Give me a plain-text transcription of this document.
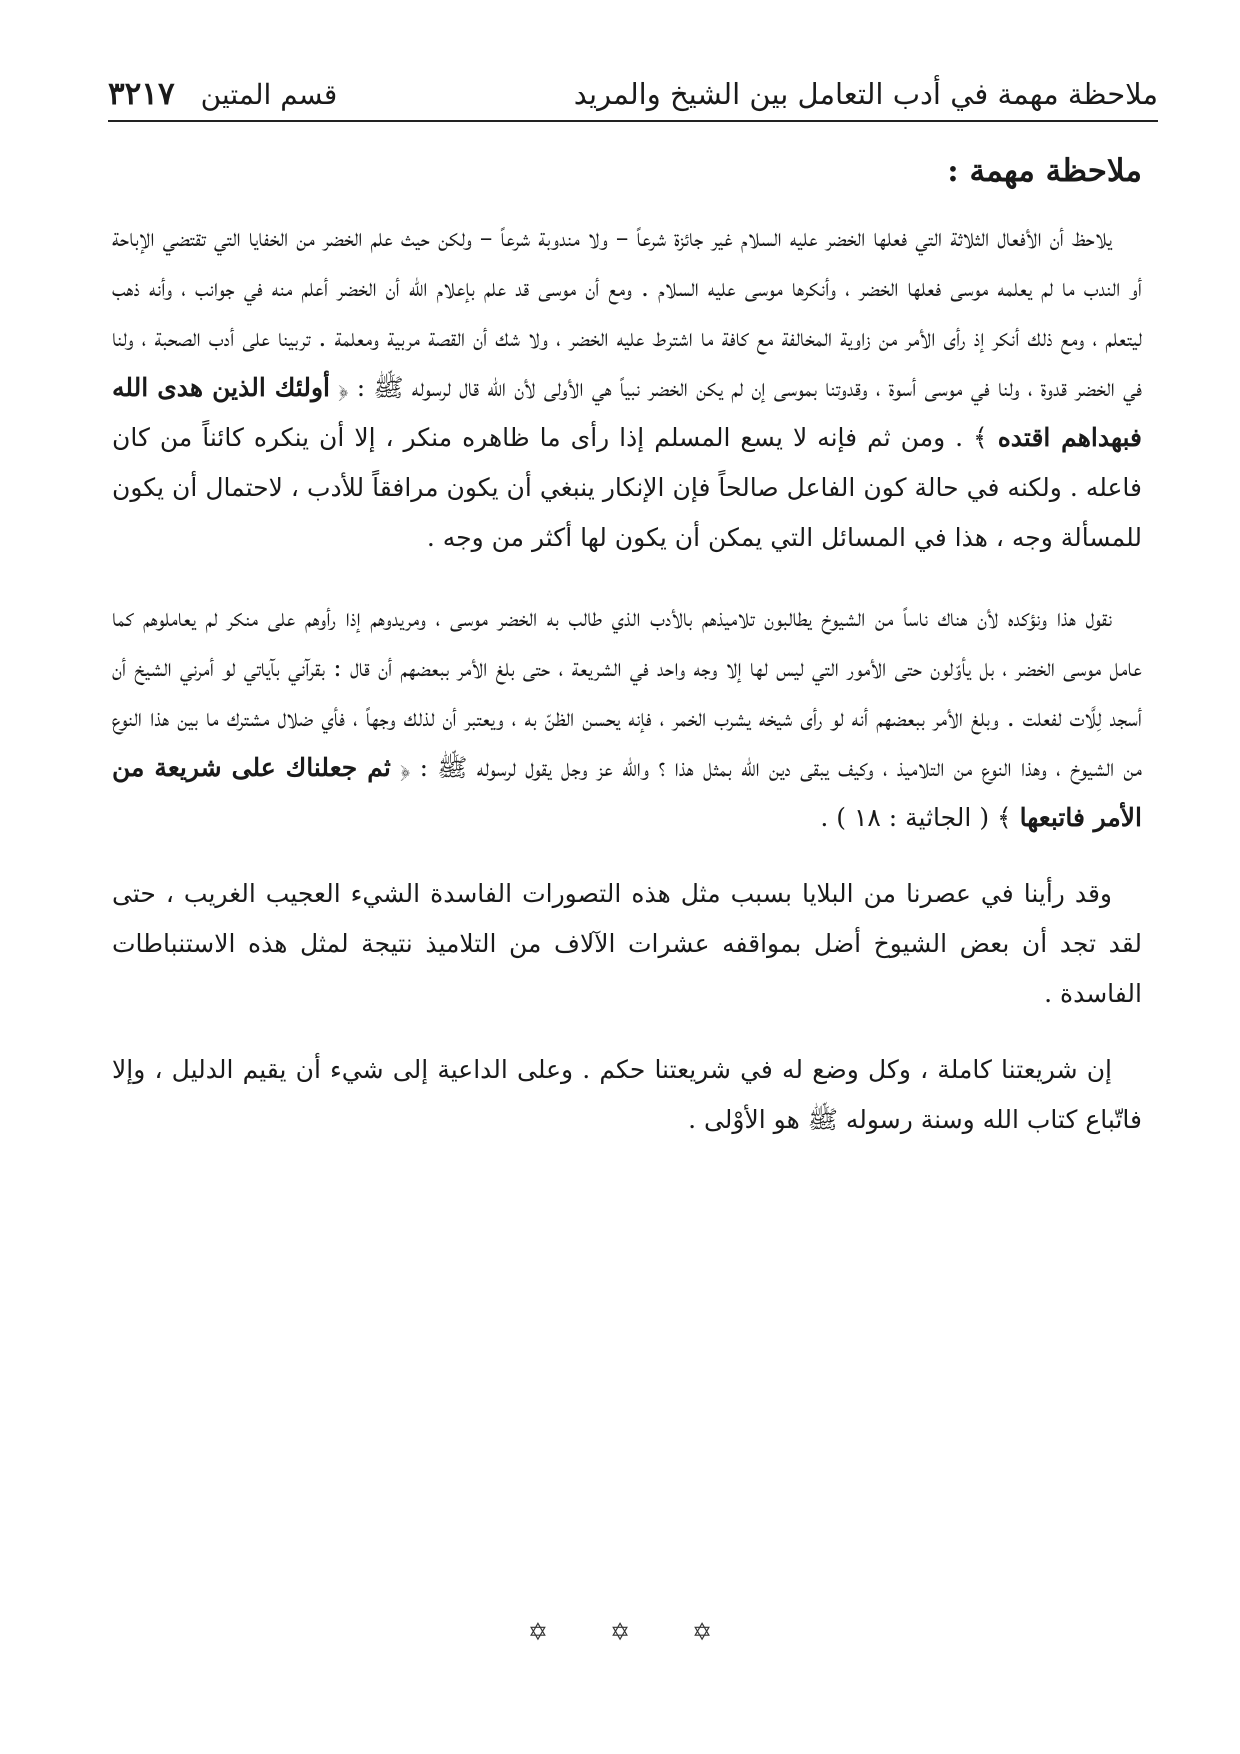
ملاحظة مهمة في أدب التعامل بين الشيخ والمريد
قسم المتين
٣٢١٧
ملاحظة مهمة :

يلاحظ أن الأفعال الثلاثة التي فعلها الخضر عليه السلام غير جائزة شرعاً – ولا مندوبة شرعاً – ولكن حيث علم الخضر من الخفايا التي تقتضي الإباحة أو الندب ما لم يعلمه موسى فعلها الخضر ، وأنكرها موسى عليه السلام . ومع أن موسى قد علم بإعلام الله أن الخضر أعلم منه في جوانب ، وأنه ذهب ليتعلم ، ومع ذلك أنكر إذ رأى الأمر من زاوية المخالفة مع كافة ما اشترط عليه الخضر ، ولا شك أن القصة مربية ومعلمة . تربينا على أدب الصحبة ، ولنا في الخضر قدوة ، ولنا في موسى أسوة ، وقدوتنا بموسى إن لم يكن الخضر نبياً هي الأولى لأن الله قال لرسوله ﷺ : ﴿ أولئك الذين هدى الله فبهداهم اقتده ﴾ . ومن ثم فإنه لا يسع المسلم إذا رأى ما ظاهره منكر ، إلا أن ينكره كائناً من كان فاعله . ولكنه في حالة كون الفاعل صالحاً فإن الإنكار ينبغي أن يكون مرافقاً للأدب ، لاحتمال أن يكون للمسألة وجه ، هذا في المسائل التي يمكن أن يكون لها أكثر من وجه .

نقول هذا ونؤكده لأن هناك ناساً من الشيوخ يطالبون تلاميذهم بالأدب الذي طالب به الخضر موسى ، ومريدوهم إذا رأوهم على منكر لم يعاملوهم كما عامل موسى الخضر ، بل يأوّلون حتى الأمور التي ليس لها إلا وجه واحد في الشريعة ، حتى بلغ الأمر ببعضهم أن قال : بقرآني بآياتي لو أمرني الشيخ أن أسجد لِلَّات لفعلت . وبلغ الأمر ببعضهم أنه لو رأى شيخه يشرب الخمر ، فإنه يحسن الظنّ به ، ويعتبر أن لذلك وجهاً ، فأي ضلال مشترك ما بين هذا النوع من الشيوخ ، وهذا النوع من التلاميذ ، وكيف يبقى دين الله بمثل هذا ؟ والله عز وجل يقول لرسوله ﷺ : ﴿ ثم جعلناك على شريعة من الأمر فاتبعها ﴾ ( الجاثية : ١٨ ) .

وقد رأينا في عصرنا من البلايا بسبب مثل هذه التصورات الفاسدة الشيء العجيب الغريب ، حتى لقد تجد أن بعض الشيوخ أضل بمواقفه عشرات الآلاف من التلاميذ نتيجة لمثل هذه الاستنباطات الفاسدة .

إن شريعتنا كاملة ، وكل وضع له في شريعتنا حكم . وعلى الداعية إلى شيء أن يقيم الدليل ، وإلا فاتّباع كتاب الله وسنة رسوله ﷺ هو الأوْلى .

✡	✡	✡
